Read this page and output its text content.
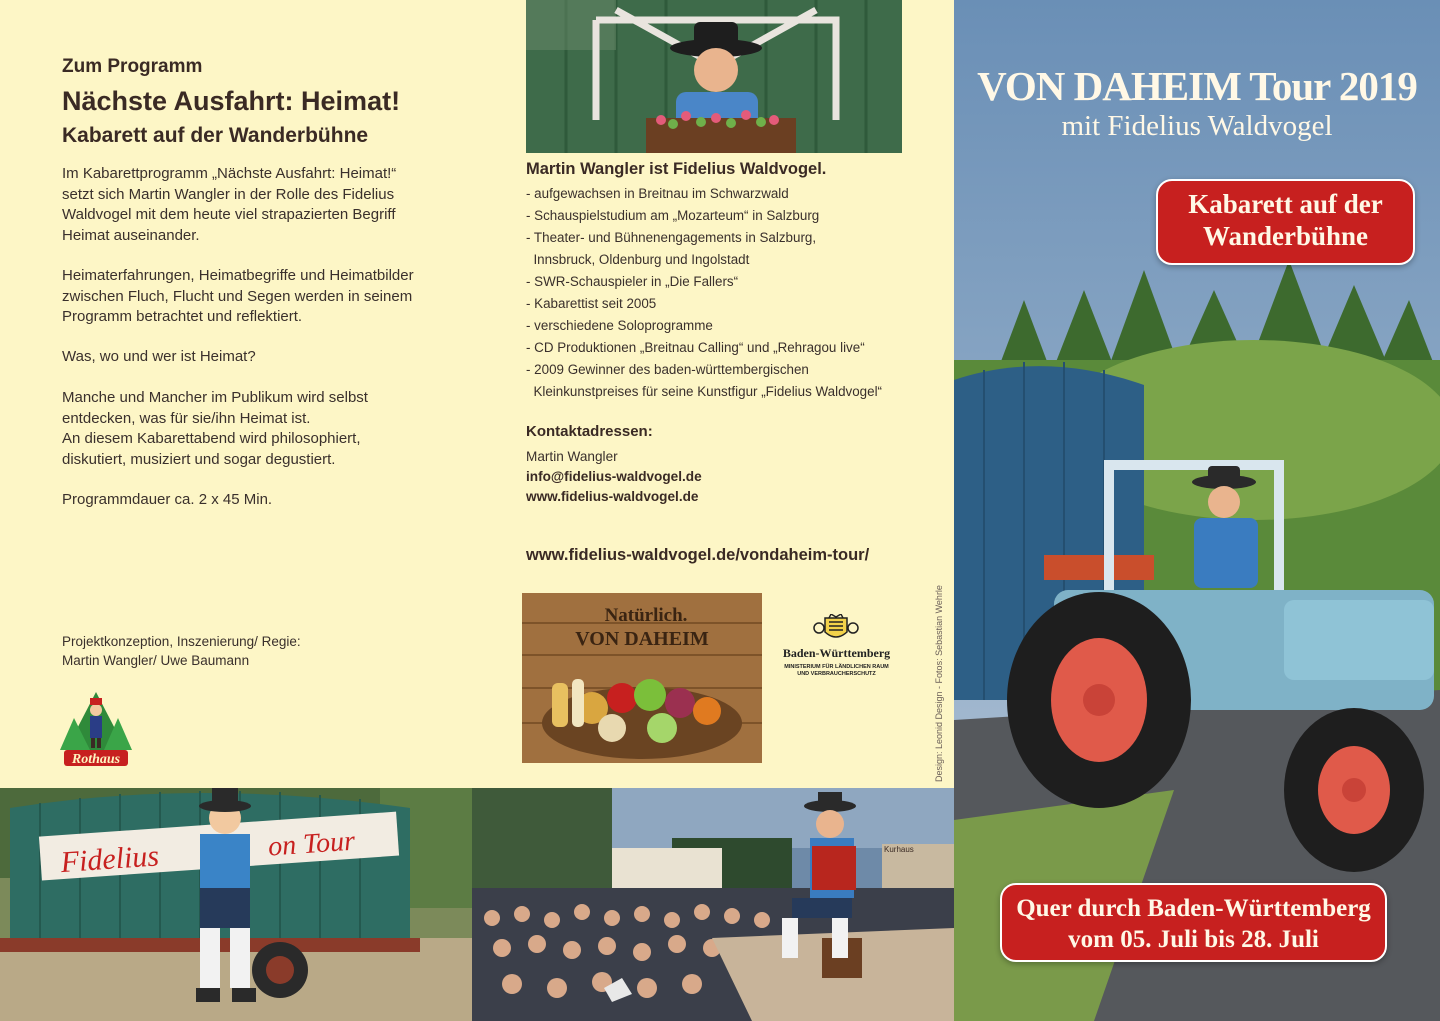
Zum Programm
Nächste Ausfahrt: Heimat!
Kabarett auf der Wanderbühne
Im Kabarettprogramm „Nächste Ausfahrt: Heimat!“
setzt sich Martin Wangler in der Rolle des Fidelius
Waldvogel mit dem heute viel strapazierten Begriff
Heimat auseinander.
Heimaterfahrungen, Heimatbegriffe und Heimatbilder
zwischen Fluch, Flucht und Segen werden in seinem
Programm betrachtet und reflektiert.
Was, wo und wer ist Heimat?
Manche und Mancher im Publikum wird selbst
entdecken, was für sie/ihn Heimat ist.
An diesem Kabarettabend wird philosophiert,
diskutiert, musiziert und sogar degustiert.
Programmdauer ca. 2 x 45 Min.
Projektkonzeption, Inszenierung/ Regie:
Martin Wangler/ Uwe Baumann
Rothaus
Fidelius	on Tour
Martin Wangler ist Fidelius Waldvogel.
- aufgewachsen in Breitnau im Schwarzwald
- Schauspielstudium am „Mozarteum“ in Salzburg
- Theater- und Bühnenengagements in Salzburg,
Innsbruck, Oldenburg und Ingolstadt
- SWR-Schauspieler in „Die Fallers“
- Kabarettist seit 2005
- verschiedene Soloprogramme
- CD Produktionen „Breitnau Calling“ und „Rehragou live“
- 2009 Gewinner des baden-württembergischen
Kleinkunstpreises für seine Kunstfigur „Fidelius Waldvogel“
Kontaktadressen:
Martin Wangler
info@fidelius-waldvogel.de
www.fidelius-waldvogel.de
www.fidelius-waldvogel.de/vondaheim-tour/
Natürlich.
VON DAHEIM
Baden-Württemberg
MINISTERIUM FÜR LÄNDLICHEN RAUM
UND VERBRAUCHERSCHUTZ	Design: Leonid Design - Fotos: Sebastian Wehrle
Kurhaus
VON DAHEIM Tour 2019
mit Fidelius Waldvogel
Kabarett auf der
Wanderbühne
Quer durch Baden-Württemberg
vom 05. Juli bis 28. Juli
